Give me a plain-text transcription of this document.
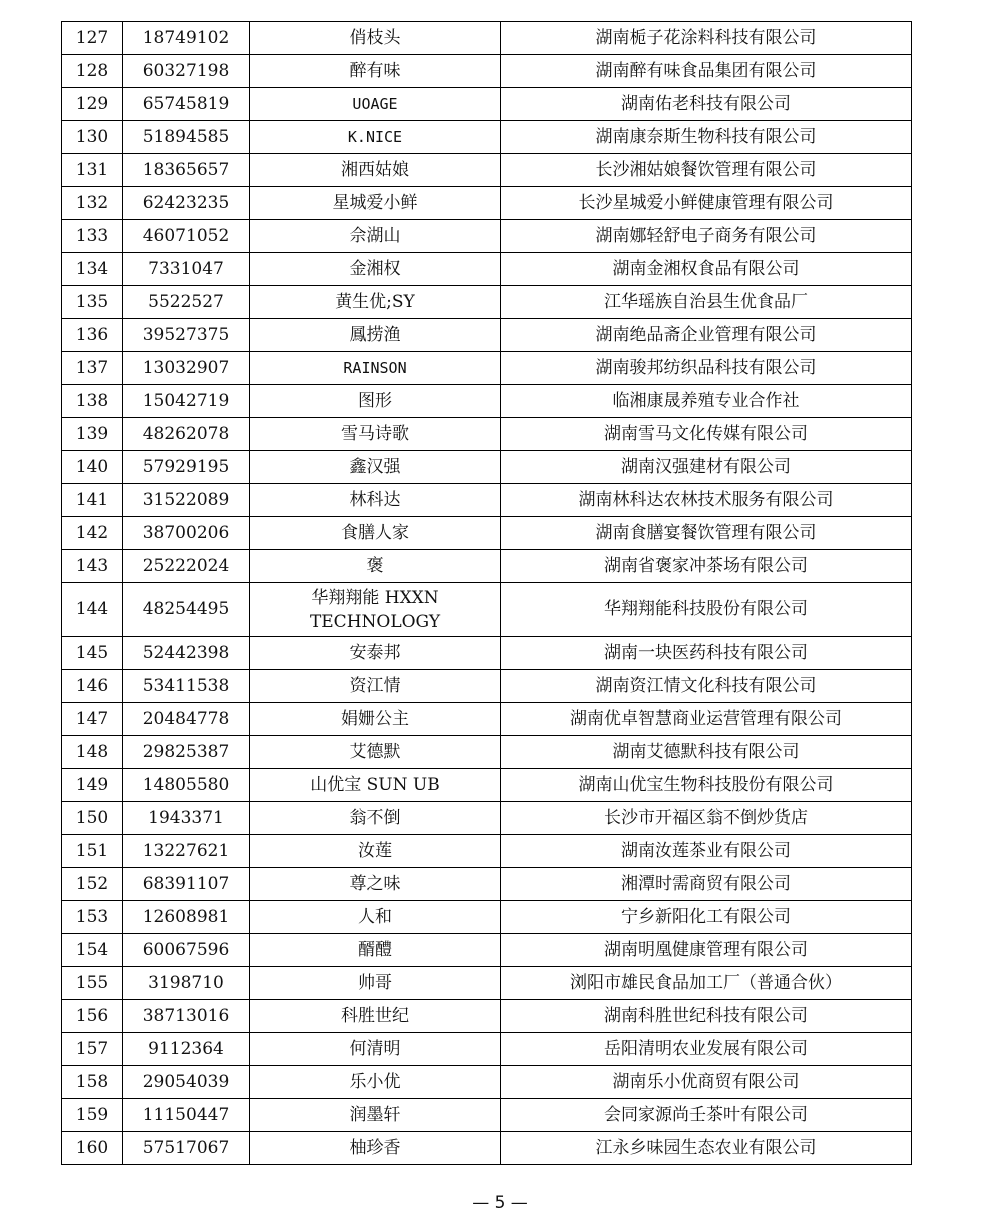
127	18749102	俏枝头	湖南栀子花涂料科技有限公司
128	60327198	醉有味	湖南醉有味食品集团有限公司
129	65745819	UOAGE	湖南佑老科技有限公司
130	51894585	K.NICE	湖南康奈斯生物科技有限公司
131	18365657	湘西姑娘	长沙湘姑娘餐饮管理有限公司
132	62423235	星城爱小鲜	长沙星城爱小鲜健康管理有限公司
133	46071052	佘湖山	湖南娜轻舒电子商务有限公司
134	7331047	金湘权	湖南金湘权食品有限公司
135	5522527	黄生优;SY	江华瑶族自治县生优食品厂
136	39527375	鳳捞渔	湖南绝品斋企业管理有限公司
137	13032907	RAINSON	湖南骏邦纺织品科技有限公司
138	15042719	图形	临湘康晟养殖专业合作社
139	48262078	雪马诗歌	湖南雪马文化传媒有限公司
140	57929195	鑫汉强	湖南汉强建材有限公司
141	31522089	林科达	湖南林科达农林技术服务有限公司
142	38700206	食膳人家	湖南食膳宴餐饮管理有限公司
143	25222024	褒	湖南省褒家冲茶场有限公司
144	48254495	华翔翔能 HXXN TECHNOLOGY	华翔翔能科技股份有限公司
145	52442398	安泰邦	湖南一块医药科技有限公司
146	53411538	资江情	湖南资江情文化科技有限公司
147	20484778	娟姗公主	湖南优卓智慧商业运营管理有限公司
148	29825387	艾德默	湖南艾德默科技有限公司
149	14805580	山优宝 SUN UB	湖南山优宝生物科技股份有限公司
150	1943371	翁不倒	长沙市开福区翁不倒炒货店
151	13227621	汝莲	湖南汝莲茶业有限公司
152	68391107	尊之味	湘潭时需商贸有限公司
153	12608981	人和	宁乡新阳化工有限公司
154	60067596	醑醴	湖南明凰健康管理有限公司
155	3198710	帅哥	浏阳市雄民食品加工厂（普通合伙）
156	38713016	科胜世纪	湖南科胜世纪科技有限公司
157	9112364	何清明	岳阳清明农业发展有限公司
158	29054039	乐小优	湖南乐小优商贸有限公司
159	11150447	润墨轩	会同家源尚壬茶叶有限公司
160	57517067	柚珍香	江永乡味园生态农业有限公司
— 5 —
